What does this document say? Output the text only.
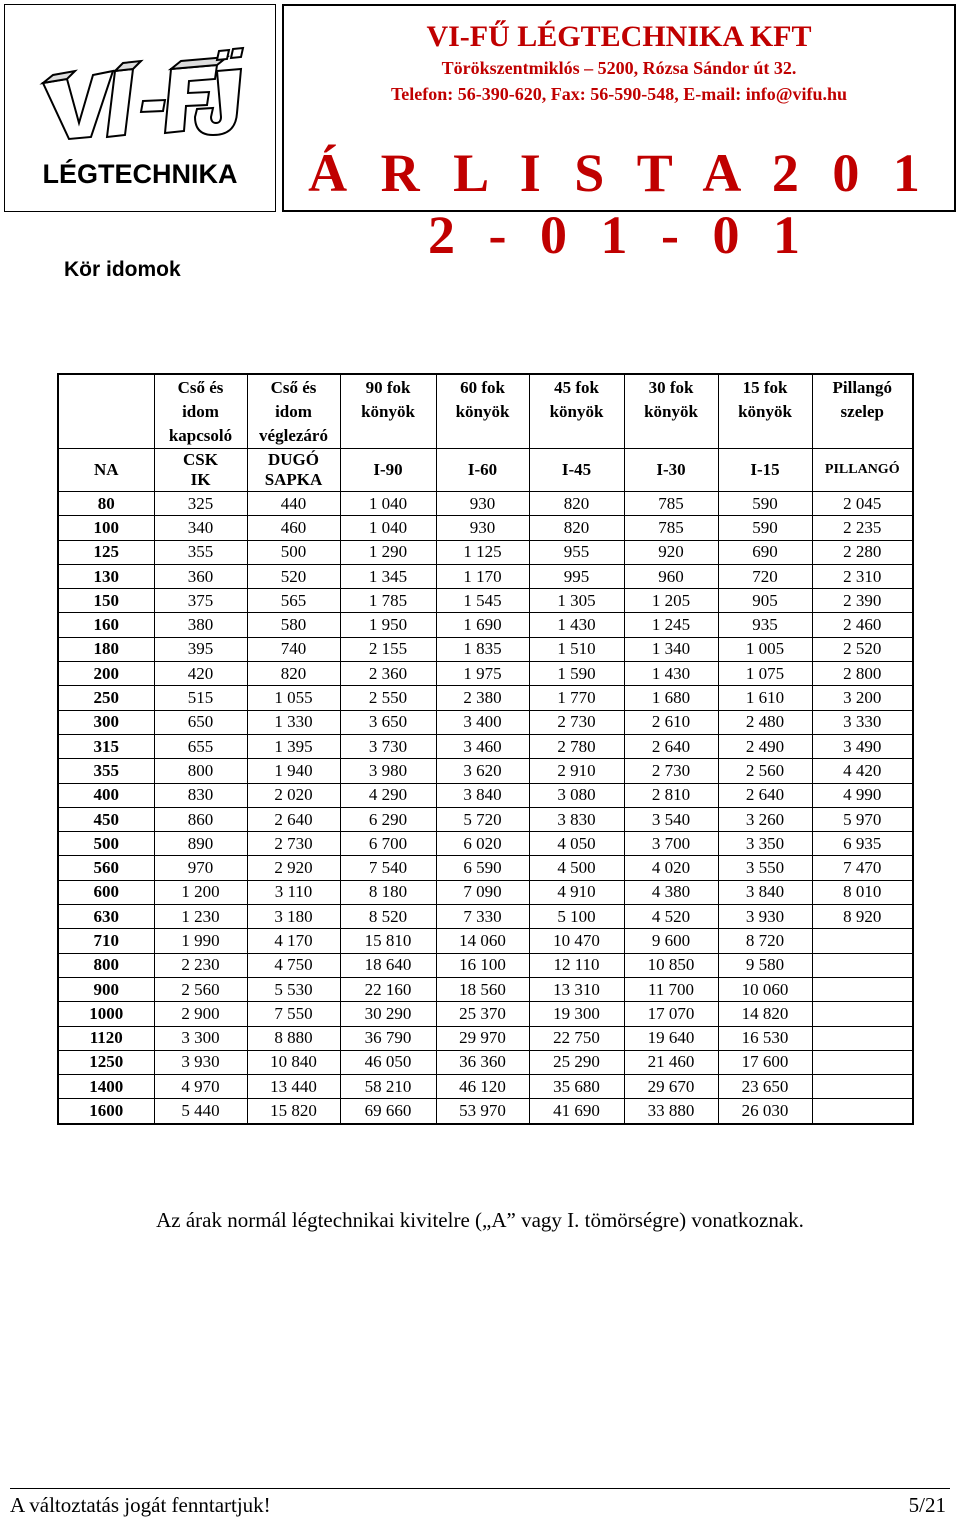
LÉGTECHNIKA
VI-FŰ LÉGTECHNIKA KFT
Törökszentmiklós – 5200, Rózsa Sándor út 32.
Telefon: 56-390-620, Fax: 56-590-548, E-mail: info@vifu.hu
Á R L I S T A 2 0 1 2 - 0 1 - 0 1
Kör idomok

	Cső és
idom
kapcsoló	Cső és
idom
véglezáró	90 fok
könyök	60 fok
könyök	45 fok
könyök	30 fok
könyök	15 fok
könyök	Pillangó
szelep

NA	CSK
IK	DUGÓ
SAPKA	I-90	I-60	I-45	I-30	I-15	PILLANGÓ

80	325	440	1 040	930	820	785	590	2 045
100	340	460	1 040	930	820	785	590	2 235
125	355	500	1 290	1 125	955	920	690	2 280
130	360	520	1 345	1 170	995	960	720	2 310
150	375	565	1 785	1 545	1 305	1 205	905	2 390
160	380	580	1 950	1 690	1 430	1 245	935	2 460
180	395	740	2 155	1 835	1 510	1 340	1 005	2 520
200	420	820	2 360	1 975	1 590	1 430	1 075	2 800
250	515	1 055	2 550	2 380	1 770	1 680	1 610	3 200
300	650	1 330	3 650	3 400	2 730	2 610	2 480	3 330
315	655	1 395	3 730	3 460	2 780	2 640	2 490	3 490
355	800	1 940	3 980	3 620	2 910	2 730	2 560	4 420
400	830	2 020	4 290	3 840	3 080	2 810	2 640	4 990
450	860	2 640	6 290	5 720	3 830	3 540	3 260	5 970
500	890	2 730	6 700	6 020	4 050	3 700	3 350	6 935
560	970	2 920	7 540	6 590	4 500	4 020	3 550	7 470
600	1 200	3 110	8 180	7 090	4 910	4 380	3 840	8 010
630	1 230	3 180	8 520	7 330	5 100	4 520	3 930	8 920
710	1 990	4 170	15 810	14 060	10 470	9 600	8 720	
800	2 230	4 750	18 640	16 100	12 110	10 850	9 580	
900	2 560	5 530	22 160	18 560	13 310	11 700	10 060	
1000	2 900	7 550	30 290	25 370	19 300	17 070	14 820	
1120	3 300	8 880	36 790	29 970	22 750	19 640	16 530	
1250	3 930	10 840	46 050	36 360	25 290	21 460	17 600	
1400	4 970	13 440	58 210	46 120	35 680	29 670	23 650	
1600	5 440	15 820	69 660	53 970	41 690	33 880	26 030	
Az árak normál légtechnikai kivitelre („A” vagy I. tömörségre) vonatkoznak.
A változtatás jogát fenntartjuk!	5/21
